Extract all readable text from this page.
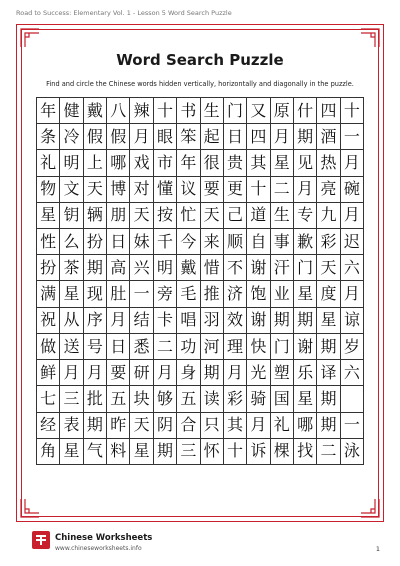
Road to Success: Elementary Vol. 1 - Lesson 5 Word Search Puzzle
Word Search Puzzle
Find and circle the Chinese words hidden vertically, horizontally and diagonally in the puzzle.
年 健 戴 八 辣 十 书 生 门 又 原 什 四 十
条 冷 假 假 月 眼 笨 起 日 四 月 期 酒 一
礼 明 上 哪 戏 市 年 很 贵 其 星 见 热 月
物 文 天 博 对 懂 议 要 更 十 二 月 亮 碗
星 钥 辆 朋 天 按 忙 天 己 道 生 专 九 月
性 么 扮 日 妹 千 今 来 顺 自 事 歉 彩 迟
扮 茶 期 高 兴 明 戴 惜 不 谢 汗 门 天 六
满 星 现 肚 一 旁 毛 推 济 饱 业 星 度 月
祝 从 序 月 结 卡 唱 羽 效 谢 期 期 星 谅
做 送 号 日 悉 二 功 河 理 快 门 谢 期 岁
鲜 月 月 要 研 月 身 期 月 光 塑 乐 译 六
七 三 批 五 块 够 五 读 彩 骑 国 星 期
经 表 期 昨 天 阴 合 只 其 月 礼 哪 期 一
角 星 气 料 星 期 三 怀 十 诉 棵 找 二 泳
Chinese Worksheets
www.chineseworksheets.info	1
